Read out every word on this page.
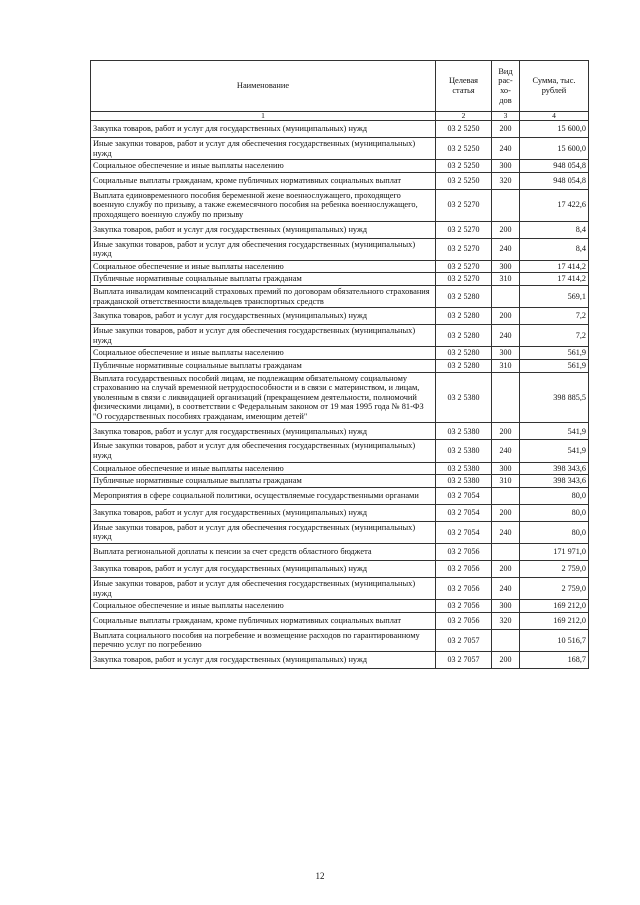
Наименование	Целевая статья	Вид рас-хо-дов	Сумма, тыс. рублей
1	2	3	4
Закупка товаров, работ и услуг для государственных (муниципальных) нужд	03 2 5250	200	15 600,0
Иные закупки товаров, работ и услуг для обеспечения государственных (муниципальных) нужд	03 2 5250	240	15 600,0
Социальное обеспечение и иные выплаты населению	03 2 5250	300	948 054,8
Социальные выплаты гражданам, кроме публичных нормативных социальных выплат	03 2 5250	320	948 054,8
Выплата единовременного пособия беременной жене военнослужащего, проходящего военную службу по призыву, а также ежемесячного пособия на ребенка военнослужащего, проходящего военную службу по призыву	03 2 5270		17 422,6
Закупка товаров, работ и услуг для государственных (муниципальных) нужд	03 2 5270	200	8,4
Иные закупки товаров, работ и услуг для обеспечения государственных (муниципальных) нужд	03 2 5270	240	8,4
Социальное обеспечение и иные выплаты населению	03 2 5270	300	17 414,2
Публичные нормативные социальные выплаты гражданам	03 2 5270	310	17 414,2
Выплата инвалидам компенсаций страховых премий по договорам обязательного страхования гражданской ответственности владельцев транспортных средств	03 2 5280		569,1
Закупка товаров, работ и услуг для государственных (муниципальных) нужд	03 2 5280	200	7,2
Иные закупки товаров, работ и услуг для обеспечения государственных (муниципальных) нужд	03 2 5280	240	7,2
Социальное обеспечение и иные выплаты населению	03 2 5280	300	561,9
Публичные нормативные социальные выплаты гражданам	03 2 5280	310	561,9
Выплата государственных пособий лицам, не подлежащим обязательному социальному страхованию на случай временной нетрудоспособности и в связи с материнством, и лицам, уволенным в связи с ликвидацией организаций (прекращением деятельности, полномочий физическими лицами), в соответствии с Федеральным законом от 19 мая 1995 года № 81-ФЗ "О государственных пособиях гражданам, имеющим детей"	03 2 5380		398 885,5
Закупка товаров, работ и услуг для государственных (муниципальных) нужд	03 2 5380	200	541,9
Иные закупки товаров, работ и услуг для обеспечения государственных (муниципальных) нужд	03 2 5380	240	541,9
Социальное обеспечение и иные выплаты населению	03 2 5380	300	398 343,6
Публичные нормативные социальные выплаты гражданам	03 2 5380	310	398 343,6
Мероприятия в сфере социальной политики, осуществляемые государственными органами	03 2 7054		80,0
Закупка товаров, работ и услуг для государственных (муниципальных) нужд	03 2 7054	200	80,0
Иные закупки товаров, работ и услуг для обеспечения государственных (муниципальных) нужд	03 2 7054	240	80,0
Выплата региональной доплаты к пенсии за счет средств областного бюджета	03 2 7056		171 971,0
Закупка товаров, работ и услуг для государственных (муниципальных) нужд	03 2 7056	200	2 759,0
Иные закупки товаров, работ и услуг для обеспечения государственных (муниципальных) нужд	03 2 7056	240	2 759,0
Социальное обеспечение и иные выплаты населению	03 2 7056	300	169 212,0
Социальные выплаты гражданам, кроме публичных нормативных социальных выплат	03 2 7056	320	169 212,0
Выплата социального пособия на погребение и возмещение расходов по гарантированному перечню услуг по погребению	03 2 7057		10 516,7
Закупка товаров, работ и услуг для государственных (муниципальных) нужд	03 2 7057	200	168,7
12
